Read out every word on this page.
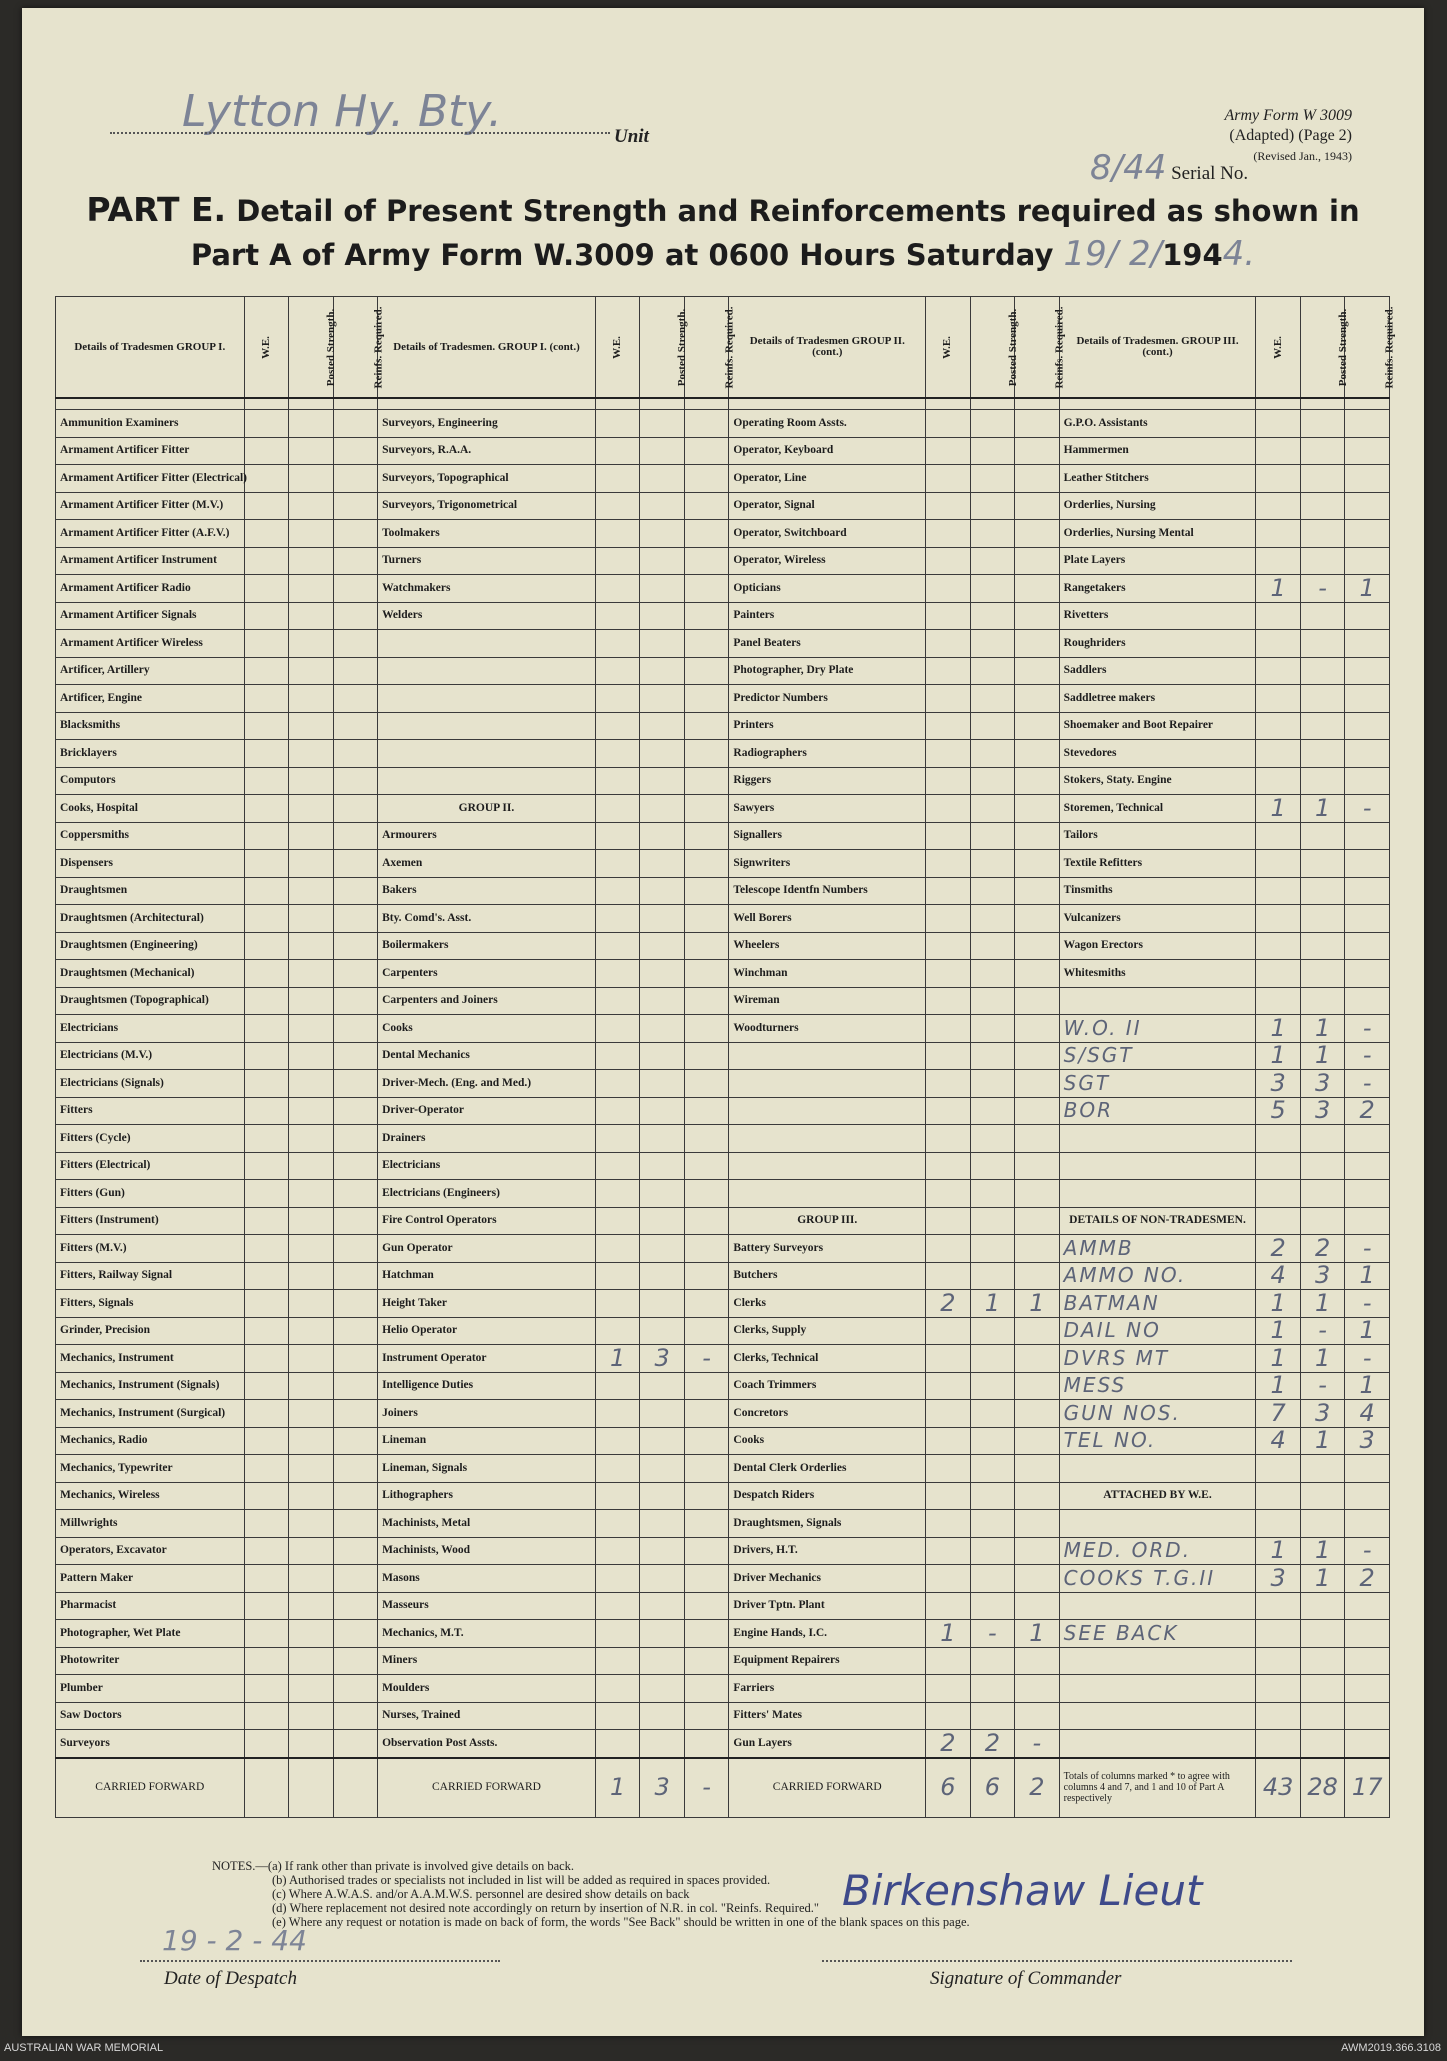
Lytton Hy. Bty.	Unit
Army Form W 3009
(Adapted) (Page 2)
(Revised Jan., 1943)
8/44 Serial No.
PART E. Detail of Present Strength and Reinforcements required as shown in
Part A of Army Form W.3009 at 0600 Hours Saturday 19/ 2/1944.
Details of Tradesmen GROUP I.	W.E.	Posted Strength.	Reinfs. Required.	Details of Tradesmen. GROUP I. (cont.)	W.E.	Posted Strength.	Reinfs. Required.	Details of Tradesmen GROUP II. (cont.)	W.E.	Posted Strength.	Reinfs. Required.	Details of Tradesmen. GROUP III. (cont.)	W.E.	Posted Strength.	Reinfs. Required.

Ammunition Examiners				Surveyors, Engineering				Operating Room Assts.				G.P.O. Assistants			
Armament Artificer Fitter				Surveyors, R.A.A.				Operator, Keyboard				Hammermen			
Armament Artificer Fitter (Electrical)				Surveyors, Topographical				Operator, Line				Leather Stitchers			
Armament Artificer Fitter (M.V.)				Surveyors, Trigonometrical				Operator, Signal				Orderlies, Nursing			
Armament Artificer Fitter (A.F.V.)				Toolmakers				Operator, Switchboard				Orderlies, Nursing Mental			
Armament Artificer Instrument				Turners				Operator, Wireless				Plate Layers			
Armament Artificer Radio				Watchmakers				Opticians				Rangetakers	1	-	1
Armament Artificer Signals				Welders				Painters				Rivetters			
Armament Artificer Wireless								Panel Beaters				Roughriders			
Artificer, Artillery								Photographer, Dry Plate				Saddlers			
Artificer, Engine								Predictor Numbers				Saddletree makers			
Blacksmiths								Printers				Shoemaker and Boot Repairer			
Bricklayers								Radiographers				Stevedores			
Computors								Riggers				Stokers, Staty. Engine			
Cooks, Hospital				GROUP II.				Sawyers				Storemen, Technical	1	1	-
Coppersmiths				Armourers				Signallers				Tailors			
Dispensers				Axemen				Signwriters				Textile Refitters			
Draughtsmen				Bakers				Telescope Identfn Numbers				Tinsmiths			
Draughtsmen (Architectural)				Bty. Comd's. Asst.				Well Borers				Vulcanizers			
Draughtsmen (Engineering)				Boilermakers				Wheelers				Wagon Erectors			
Draughtsmen (Mechanical)				Carpenters				Winchman				Whitesmiths			
Draughtsmen (Topographical)				Carpenters and Joiners				Wireman							
Electricians				Cooks				Woodturners				W.O. II	1	1	-
Electricians (M.V.)				Dental Mechanics								S/SGT	1	1	-
Electricians (Signals)				Driver-Mech. (Eng. and Med.)								SGT	3	3	-
Fitters				Driver-Operator								BOR	5	3	2
Fitters (Cycle)				Drainers											
Fitters (Electrical)				Electricians											
Fitters (Gun)				Electricians (Engineers)											
Fitters (Instrument)				Fire Control Operators				GROUP III.				DETAILS OF NON-TRADESMEN.			
Fitters (M.V.)				Gun Operator				Battery Surveyors				AMMB	2	2	-
Fitters, Railway Signal				Hatchman				Butchers				AMMO NO.	4	3	1
Fitters, Signals				Height Taker				Clerks	2	1	1	BATMAN	1	1	-
Grinder, Precision				Helio Operator				Clerks, Supply				DAIL NO	1	-	1
Mechanics, Instrument				Instrument Operator	1	3	-	Clerks, Technical				DVRS MT	1	1	-
Mechanics, Instrument (Signals)				Intelligence Duties				Coach Trimmers				MESS	1	-	1
Mechanics, Instrument (Surgical)				Joiners				Concretors				GUN NOS.	7	3	4
Mechanics, Radio				Lineman				Cooks				TEL NO.	4	1	3
Mechanics, Typewriter				Lineman, Signals				Dental Clerk Orderlies							
Mechanics, Wireless				Lithographers				Despatch Riders				ATTACHED BY W.E.			
Millwrights				Machinists, Metal				Draughtsmen, Signals							
Operators, Excavator				Machinists, Wood				Drivers, H.T.				MED. ORD.	1	1	-
Pattern Maker				Masons				Driver Mechanics				COOKS T.G.II	3	1	2
Pharmacist				Masseurs				Driver Tptn. Plant							
Photographer, Wet Plate				Mechanics, M.T.				Engine Hands, I.C.	1	-	1	SEE BACK			
Photowriter				Miners				Equipment Repairers							
Plumber				Moulders				Farriers							
Saw Doctors				Nurses, Trained				Fitters' Mates							
Surveyors				Observation Post Assts.				Gun Layers	2	2	-				
CARRIED FORWARD				CARRIED FORWARD	1	3	-	CARRIED FORWARD	6	6	2	Totals of columns marked * to agree with columns 4 and 7, and 1 and 10 of Part A respectively	43	28	17
NOTES.—(a) If rank other than private is involved give details on back.
(b) Authorised trades or specialists not included in list will be added as required in spaces provided.
(c) Where A.W.A.S. and/or A.A.M.W.S. personnel are desired show details on back
(d) Where replacement not desired note accordingly on return by insertion of N.R. in col. "Reinfs. Required."
(e) Where any request or notation is made on back of form, the words "See Back" should be written in one of the blank spaces on this page.
19 - 2 - 44
Date of Despatch
Birkenshaw Lieut
Signature of Commander
AUSTRALIAN WAR MEMORIAL	AWM2019.366.3108
